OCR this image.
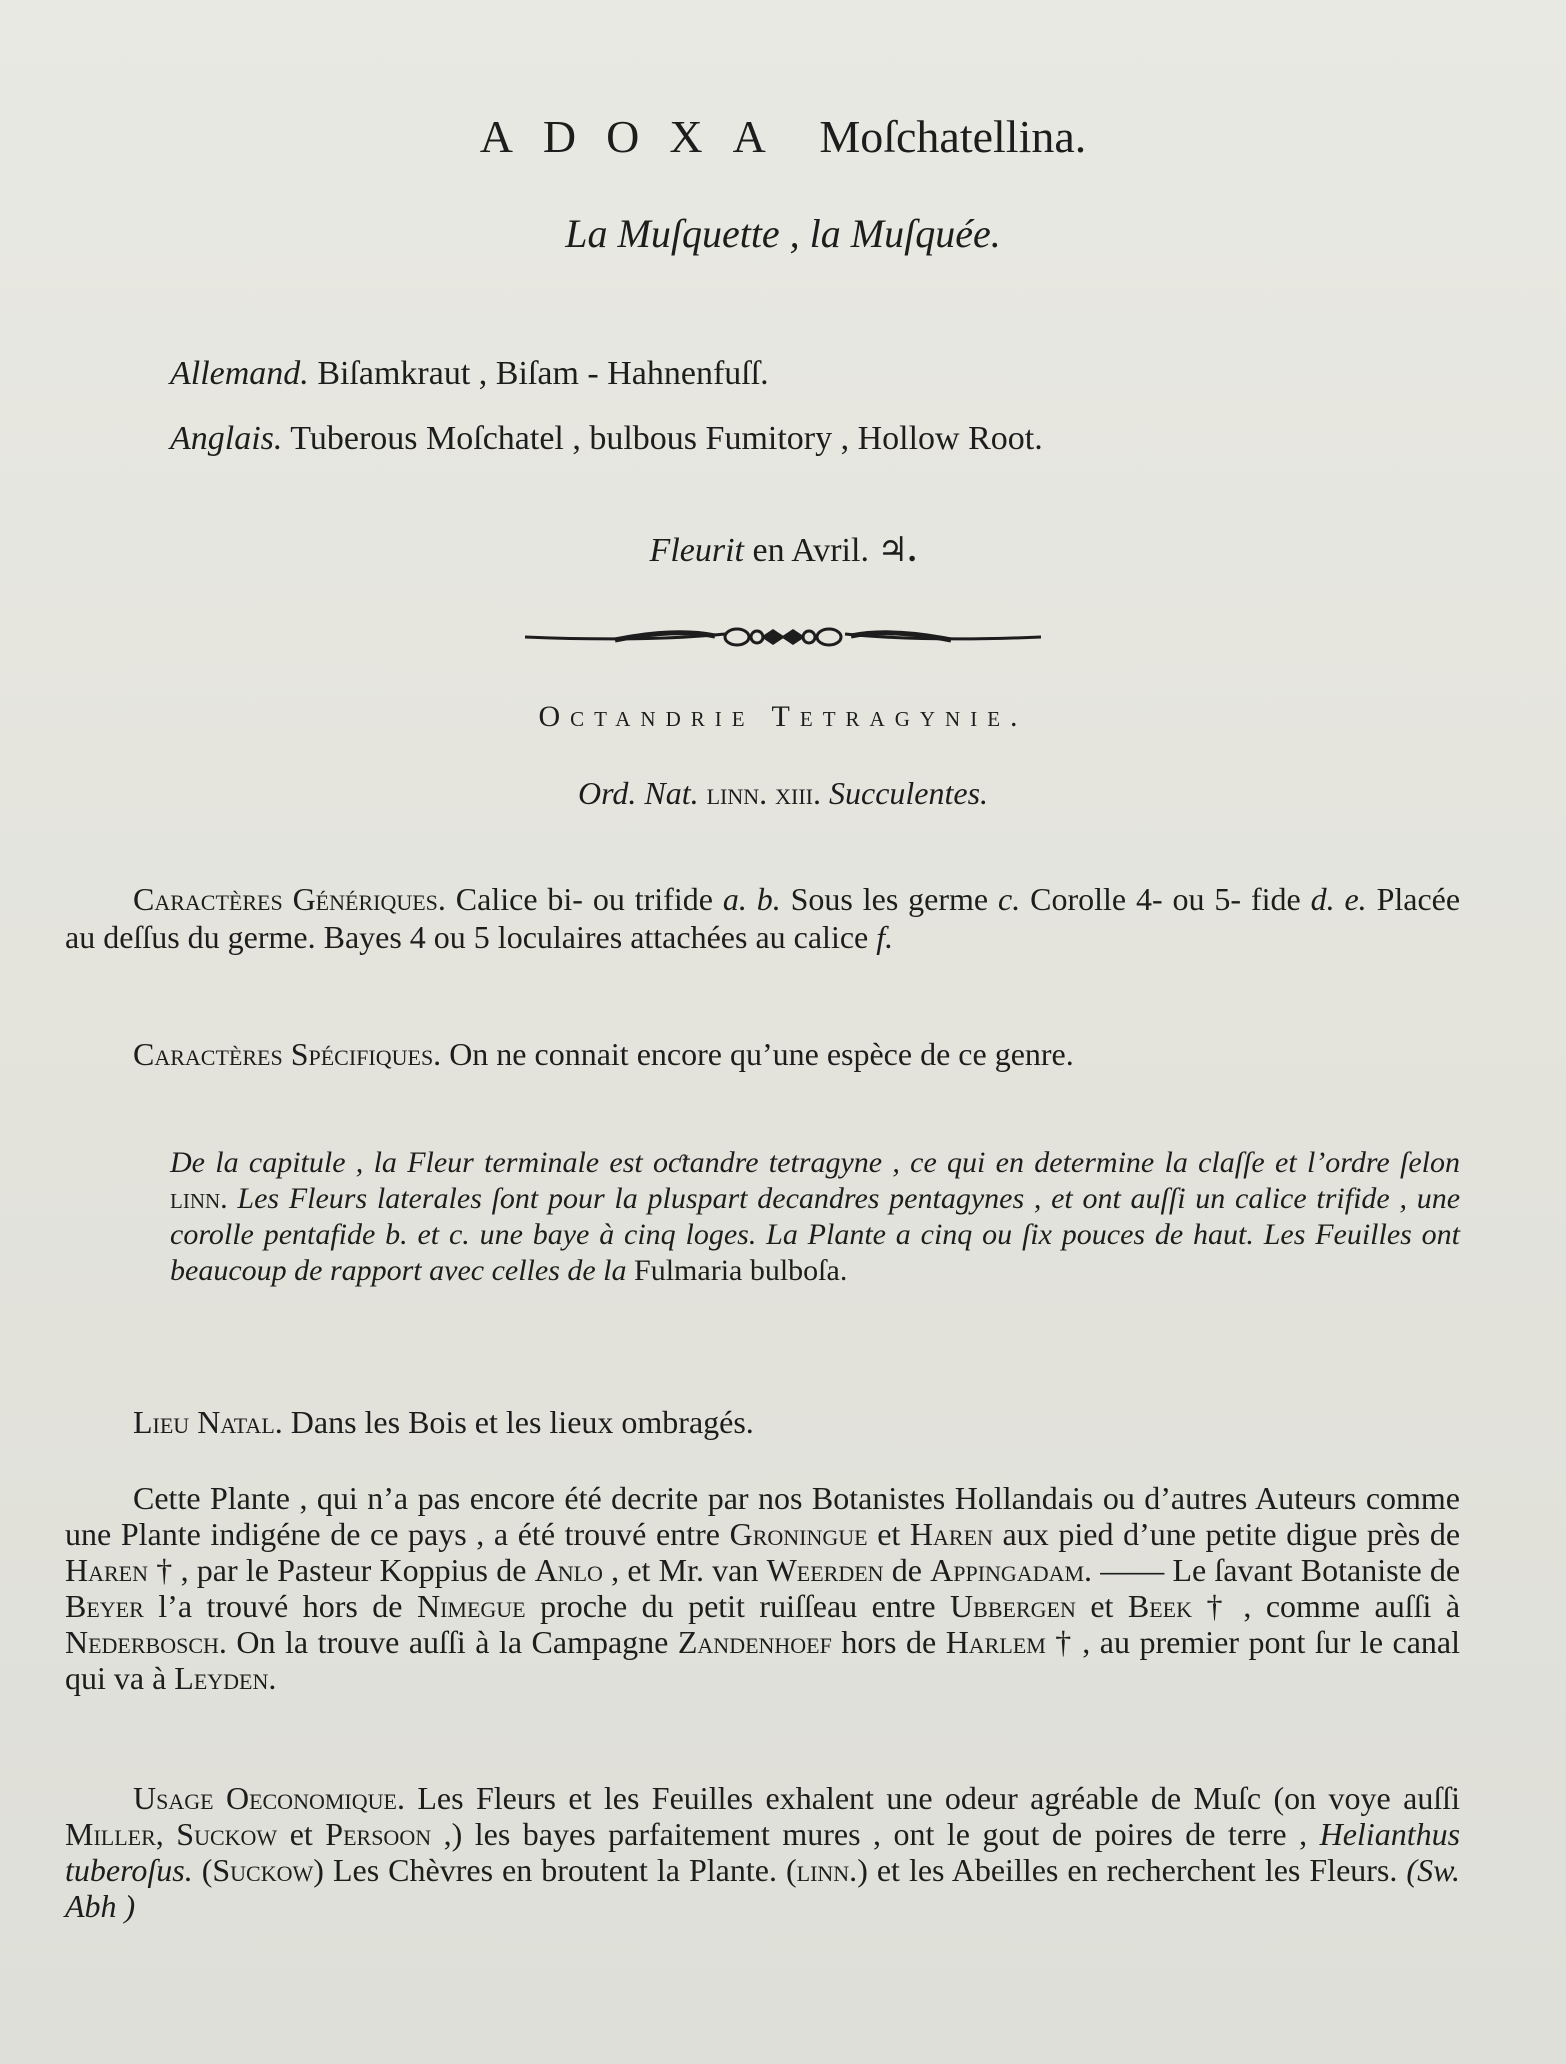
ADOXA Moſchatellina.
La Muſquette , la Muſquée.
Allemand. Biſamkraut , Biſam - Hahnenfuſſ.
Anglais. Tuberous Moſchatel , bulbous Fumitory , Hollow Root.
Fleurit en Avril. ♃.
Octandrie Tetragynie.
Ord. Nat. linn. xiii. Succulentes.
Caractères Génériques. Calice bi- ou trifide a. b. Sous les germe c. Corolle 4- ou 5- fide d. e. Placée au deſſus du germe. Bayes 4 ou 5 loculaires attachées au calice f.
Caractères Spécifiques. On ne connait encore qu’une espèce de ce genre.
De la capitule , la Fleur terminale est oƈtandre tetragyne , ce qui en determine la claſſe et l’ordre ſelon linn. Les Fleurs laterales ſont pour la pluspart decandres pentagynes , et ont auſſi un calice trifide , une corolle pentafide b. et c. une baye à cinq loges. La Plante a cinq ou ſix pouces de haut. Les Feuilles ont beaucoup de rapport avec celles de la Fulmaria bulboſa.
Lieu Natal. Dans les Bois et les lieux ombragés.
Cette Plante , qui n’a pas encore été decrite par nos Botanistes Hollandais ou d’autres Auteurs comme une Plante indigéne de ce pays , a été trouvé entre Groningue et Haren aux pied d’une petite digue près de Haren † , par le Pasteur Koppius de Anlo , et Mr. van Weerden de Appingadam. —— Le ſavant Botaniste de Beyer l’a trouvé hors de Nimegue proche du petit ruiſſeau entre Ubbergen et Beek † , comme auſſi à Nederbosch. On la trouve auſſi à la Campagne Zandenhoef hors de Harlem † , au premier pont ſur le canal qui va à Leyden.
Usage Oeconomique. Les Fleurs et les Feuilles exhalent une odeur agréable de Muſc (on voye auſſi Miller, Suckow et Persoon ,) les bayes parfaitement mures , ont le gout de poires de terre , Helianthus tuberoſus. (Suckow) Les Chèvres en broutent la Plante. (linn.) et les Abeilles en recherchent les Fleurs. (Sw. Abh )
